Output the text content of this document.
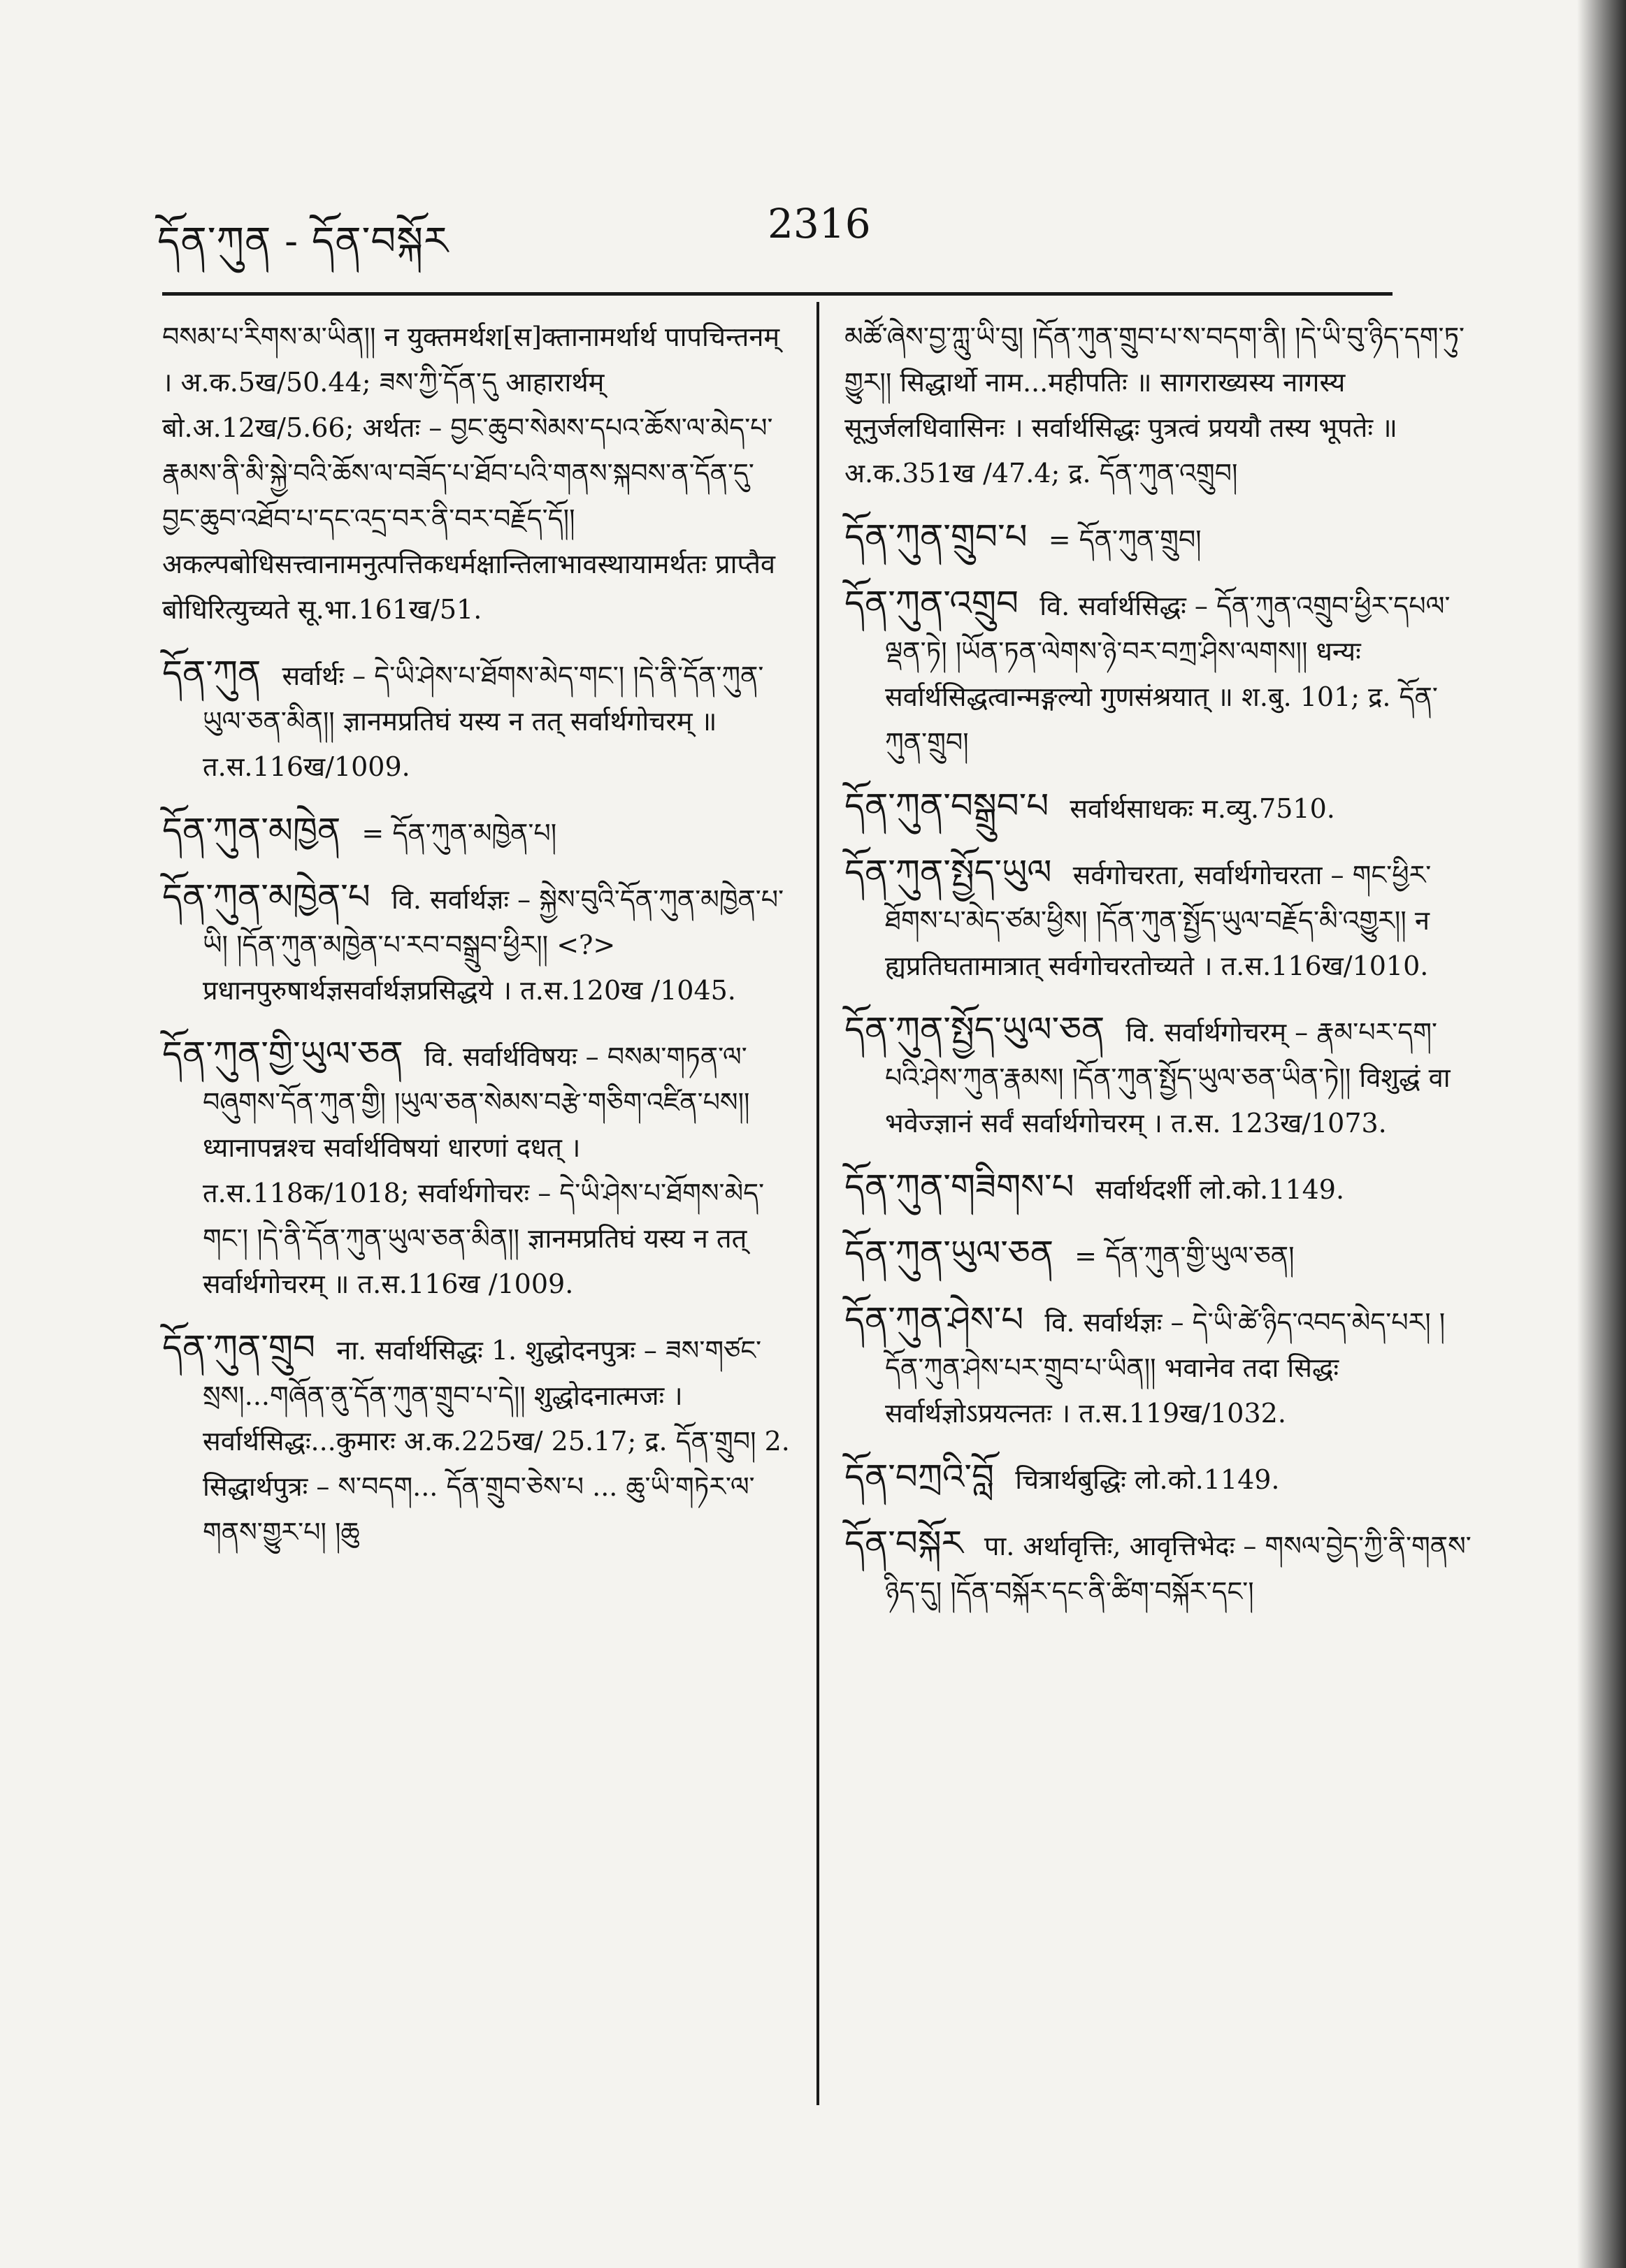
དོན་ཀུན - དོན་བསྐོར	2316

བསམ་པ་རིགས་མ་ཡིན།། न युक्तमर्थश[स]क्तानामर्थार्थ पापचिन्तनम् । अ.क.5ख/50.44; ཟས་ཀྱི་དོན་དུ आहारार्थम् बो.अ.12ख/5.66; अर्थतः – བྱང་ཆུབ་སེམས་དཔའ་ཆོས་ལ་མེད་པ་རྣམས་ནི་མི་སྐྱེ་བའི་ཆོས་ལ་བཟོད་པ་ཐོབ་པའི་གནས་སྐབས་ན་དོན་དུ་བྱང་ཆུབ་འཐོབ་པ་དང་འདྲ་བར་ནི་བར་བརྗོད་དོ།། अकल्पबोधिसत्त्वानामनुत्पत्तिकधर्मक्षान्तिलाभावस्थायामर्थतः प्राप्तैव बोधिरित्युच्यते सू.भा.161ख/51.

དོན་ཀུན सर्वार्थः – དེ་ཡི་ཤེས་པ་ཐོགས་མེད་གང་། །དེ་ནི་དོན་ཀུན་ཡུལ་ཅན་མིན།། ज्ञानमप्रतिघं यस्य न तत् सर्वार्थगोचरम् ॥ त.स.116ख/1009.

དོན་ཀུན་མཁྱེན = དོན་ཀུན་མཁྱེན་པ།

དོན་ཀུན་མཁྱེན་པ वि. सर्वार्थज्ञः – སྐྱེས་བུའི་དོན་ཀུན་མཁྱེན་པ་ཡི། །དོན་ཀུན་མཁྱེན་པ་རབ་བསྒྲུབ་ཕྱིར།། <?> प्रधानपुरुषार्थज्ञसर्वार्थज्ञप्रसिद्धये । त.स.120ख /1045.

དོན་ཀུན་གྱི་ཡུལ་ཅན वि. सर्वार्थविषयः – བསམ་གཏན་ལ་བཞུགས་དོན་ཀུན་གྱི། །ཡུལ་ཅན་སེམས་བརྩེ་གཅིག་འཛིན་པས།། ध्यानापन्नश्च सर्वार्थविषयां धारणां दधत् । त.स.118क/1018; सर्वार्थगोचरः – དེ་ཡི་ཤེས་པ་ཐོགས་མེད་གང་། །དེ་ནི་དོན་ཀུན་ཡུལ་ཅན་མིན།། ज्ञानमप्रतिघं यस्य न तत् सर्वार्थगोचरम् ॥ त.स.116ख /1009.

དོན་ཀུན་གྲུབ ना. सर्वार्थसिद्धः 1. शुद्धोदनपुत्रः – ཟས་གཙང་སྲས།...གཞོན་ནུ་དོན་ཀུན་གྲུབ་པ་དེ།། शुद्धोदनात्मजः । सर्वार्थसिद्धः...कुमारः अ.क.225ख/ 25.17; द्र. དོན་གྲུབ། 2. सिद्धार्थपुत्रः – ས་བདག... དོན་གྲུབ་ཅེས་པ ... ཆུ་ཡི་གཏེར་ལ་གནས་གྱུར་པ། །ཆུ

མཚོ་ཞེས་བྱ་ཀླུ་ཡི་བུ། །དོན་ཀུན་གྲུབ་པ་ས་བདག་ནི། །དེ་ཡི་བུ་ཉིད་དག་ཏུ་གྱུར།། सिद्धार्थो नाम...महीपतिः ॥ सागराख्यस्य नागस्य सूनुर्जलधिवासिनः । सर्वार्थसिद्धः पुत्रत्वं प्रययौ तस्य भूपतेः ॥ अ.क.351ख /47.4; द्र. དོན་ཀུན་འགྲུབ།

དོན་ཀུན་གྲུབ་པ = དོན་ཀུན་གྲུབ།

དོན་ཀུན་འགྲུབ वि. सर्वार्थसिद्धः – དོན་ཀུན་འགྲུབ་ཕྱིར་དཔལ་ལྡན་ཏེ། །ཡོན་ཏན་ལེགས་ཉེ་བར་བཀྲ་ཤིས་ལགས།། धन्यः सर्वार्थसिद्धत्वान्मङ्गल्यो गुणसंश्रयात् ॥ श.बु. 101; द्र. དོན་ཀུན་གྲུབ།

དོན་ཀུན་བསྒྲུབ་པ सर्वार्थसाधकः म.व्यु.7510.

དོན་ཀུན་སྤྱོད་ཡུལ सर्वगोचरता, सर्वार्थगोचरता – གང་ཕྱིར་ཐོགས་པ་མེད་ཙམ་ཕྱིས། །དོན་ཀུན་སྤྱོད་ཡུལ་བརྗོད་མི་འགྱུར།། न ह्यप्रतिघतामात्रात् सर्वगोचरतोच्यते । त.स.116ख/1010.

དོན་ཀུན་སྤྱོད་ཡུལ་ཅན वि. सर्वार्थगोचरम् – རྣམ་པར་དག་པའི་ཤེས་ཀུན་རྣམས། །དོན་ཀུན་སྤྱོད་ཡུལ་ཅན་ཡིན་ཏེ།། विशुद्धं वा भवेज्ज्ञानं सर्वं सर्वार्थगोचरम् । त.स. 123ख/1073.

དོན་ཀུན་གཟིགས་པ सर्वार्थदर्शी लो.को.1149.

དོན་ཀུན་ཡུལ་ཅན = དོན་ཀུན་གྱི་ཡུལ་ཅན།

དོན་ཀུན་ཤེས་པ वि. सर्वार्थज्ञः – དེ་ཡི་ཚེ་ཉིད་འབད་མེད་པར། །དོན་ཀུན་ཤེས་པར་གྲུབ་པ་ཡིན།། भवानेव तदा सिद्धः सर्वार्थज्ञोऽप्रयत्नतः । त.स.119ख/1032.

དོན་བཀྲའི་བློ चित्रार्थबुद्धिः लो.को.1149.

དོན་བསྐོར पा. अर्थावृत्तिः, आवृत्तिभेदः – གསལ་བྱེད་ཀྱི་ནི་གནས་ཉིད་དུ། །དོན་བསྐོར་དང་ནི་ཚིག་བསྐོར་དང་།
